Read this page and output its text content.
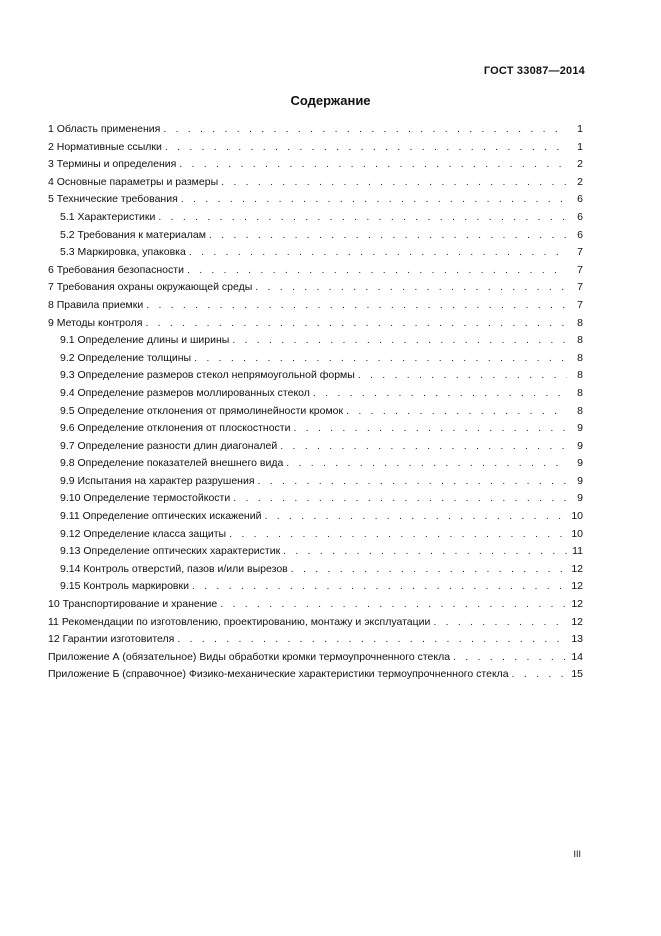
ГОСТ 33087—2014
Содержание
1 Область применения . . .	1
2 Нормативные ссылки . . .	1
3 Термины и определения . . .	2
4 Основные параметры и размеры . . .	2
5 Технические требования . . .	6
5.1 Характеристики . . .	6
5.2 Требования к материалам . . .	6
5.3 Маркировка, упаковка . . .	7
6 Требования безопасности . . .	7
7 Требования охраны окружающей среды . . .	7
8 Правила приемки . . .	7
9 Методы контроля . . .	8
9.1 Определение длины и ширины . . .	8
9.2 Определение толщины . . .	8
9.3 Определение размеров стекол непрямоугольной формы . . .	8
9.4 Определение размеров моллированных стекол . . .	8
9.5 Определение отклонения от прямолинейности кромок . . .	8
9.6 Определение отклонения от плоскостности . . .	9
9.7 Определение разности длин диагоналей . . .	9
9.8 Определение показателей внешнего вида . . .	9
9.9 Испытания на характер разрушения . . .	9
9.10 Определение термостойкости . . .	9
9.11 Определение оптических искажений . . .	10
9.12 Определение класса защиты . . .	10
9.13 Определение оптических характеристик . . .	11
9.14 Контроль отверстий, пазов и/или вырезов . . .	12
9.15 Контроль маркировки . . .	12
10 Транспортирование и хранение . . .	12
11 Рекомендации по изготовлению, проектированию, монтажу и эксплуатации . . .	12
12 Гарантии изготовителя . . .	13
Приложение А (обязательное) Виды обработки кромки термоупрочненного стекла . . .	14
Приложение Б (справочное) Физико-механические характеристики термоупрочненного стекла . . .	15
III
